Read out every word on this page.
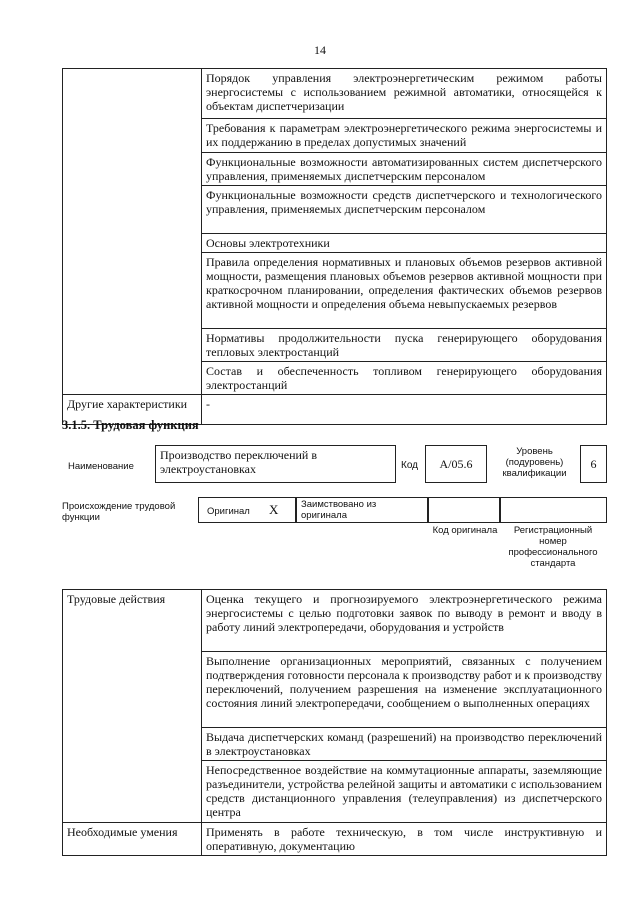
14
	Порядок управления электроэнергетическим режимом работы энергосистемы с использованием режимной автоматики, относящейся к объектам диспетчеризации
	Требования к параметрам электроэнергетического режима энергосистемы и их поддержанию в пределах допустимых значений
	Функциональные возможности автоматизированных систем диспетчерского управления, применяемых диспетчерским персоналом
	Функциональные возможности средств диспетчерского и технологического управления, применяемых диспетчерским персоналом
	Основы электротехники
	Правила определения нормативных и плановых объемов резервов активной мощности, размещения плановых объемов резервов активной мощности при краткосрочном планировании, определения фактических объемов резервов активной мощности и определения объема невыпускаемых резервов
	Нормативы продолжительности пуска генерирующего оборудования тепловых электростанций
	Состав и обеспеченность топливом генерирующего оборудования электростанций
Другие характеристики	-
3.1.5. Трудовая функция
Наименование
Производство переключений в электроустановках	Код	A/05.6
Уровень (подуровень) квалификации
6
Происхождение трудовой функции
Оригинал X Заимствовано из оригинала
Код оригинала	Регистрационный номер профессионального стандарта
Трудовые действия	Оценка текущего и прогнозируемого электроэнергетического режима энергосистемы с целью подготовки заявок по выводу в ремонт и вводу в работу линий электропередачи, оборудования и устройств
	Выполнение организационных мероприятий, связанных с получением подтверждения готовности персонала к производству работ и к производству переключений, получением разрешения на изменение эксплуатационного состояния линий электропередачи, сообщением о выполненных операциях
	Выдача диспетчерских команд (разрешений) на производство переключений в электроустановках
	Непосредственное воздействие на коммутационные аппараты, заземляющие разъединители, устройства релейной защиты и автоматики с использованием средств дистанционного управления (телеуправления) из диспетчерского центра
Необходимые умения	Применять в работе техническую, в том числе инструктивную и оперативную, документацию
